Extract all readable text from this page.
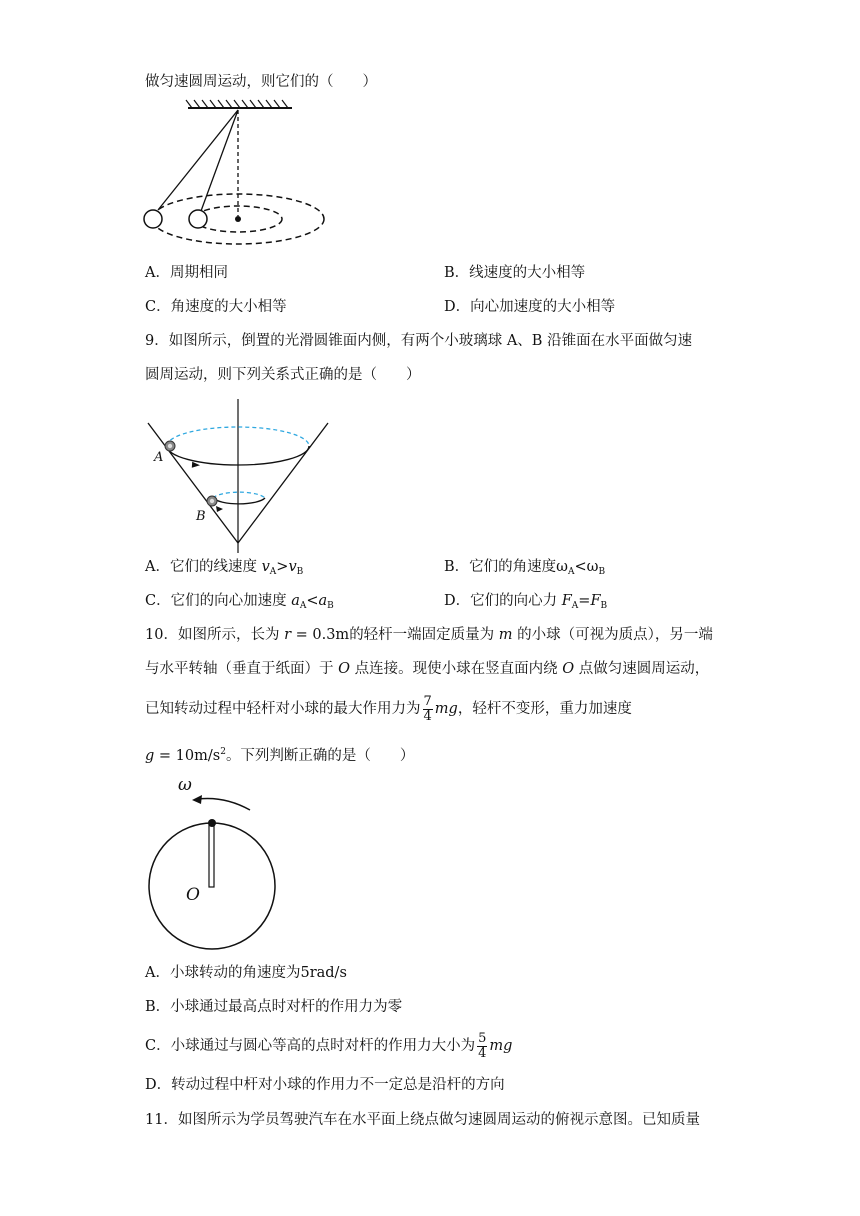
做匀速圆周运动，则它们的（　　）
A．周期相同	B．线速度的大小相等
C．角速度的大小相等	D．向心加速度的大小相等
9．如图所示，倒置的光滑圆锥面内侧，有两个小玻璃球 A、B 沿锥面在水平面做匀速
圆周运动，则下列关系式正确的是（　　）
A
B
A．它们的线速度 $v_A>v_B$	B．它们的角速度$\omega_A<\omega_B$
C．它们的向心加速度 $a_A<a_B$	D．它们的向心力 $F_A=F_B$
10．如图所示，长为 r = 0.3m的轻杆一端固定质量为 m 的小球（可视为质点），另一端
与水平转轴（垂直于纸面）于 O 点连接。现使小球在竖直面内绕 O 点做匀速圆周运动，
已知转动过程中轻杆对小球的最大作用力为 $\frac{7}{4}$ mg，轻杆不变形，重力加速度
$g = 10m/s^2$。下列判断正确的是（　　）
ω
O
A．小球转动的角速度为5rad/s
B．小球通过最高点时对杆的作用力为零
C．小球通过与圆心等高的点时对杆的作用力大小为 $\frac{5}{4}$ mg
D．转动过程中杆对小球的作用力不一定总是沿杆的方向
11．如图所示为学员驾驶汽车在水平面上绕点做匀速圆周运动的俯视示意图。已知质量
